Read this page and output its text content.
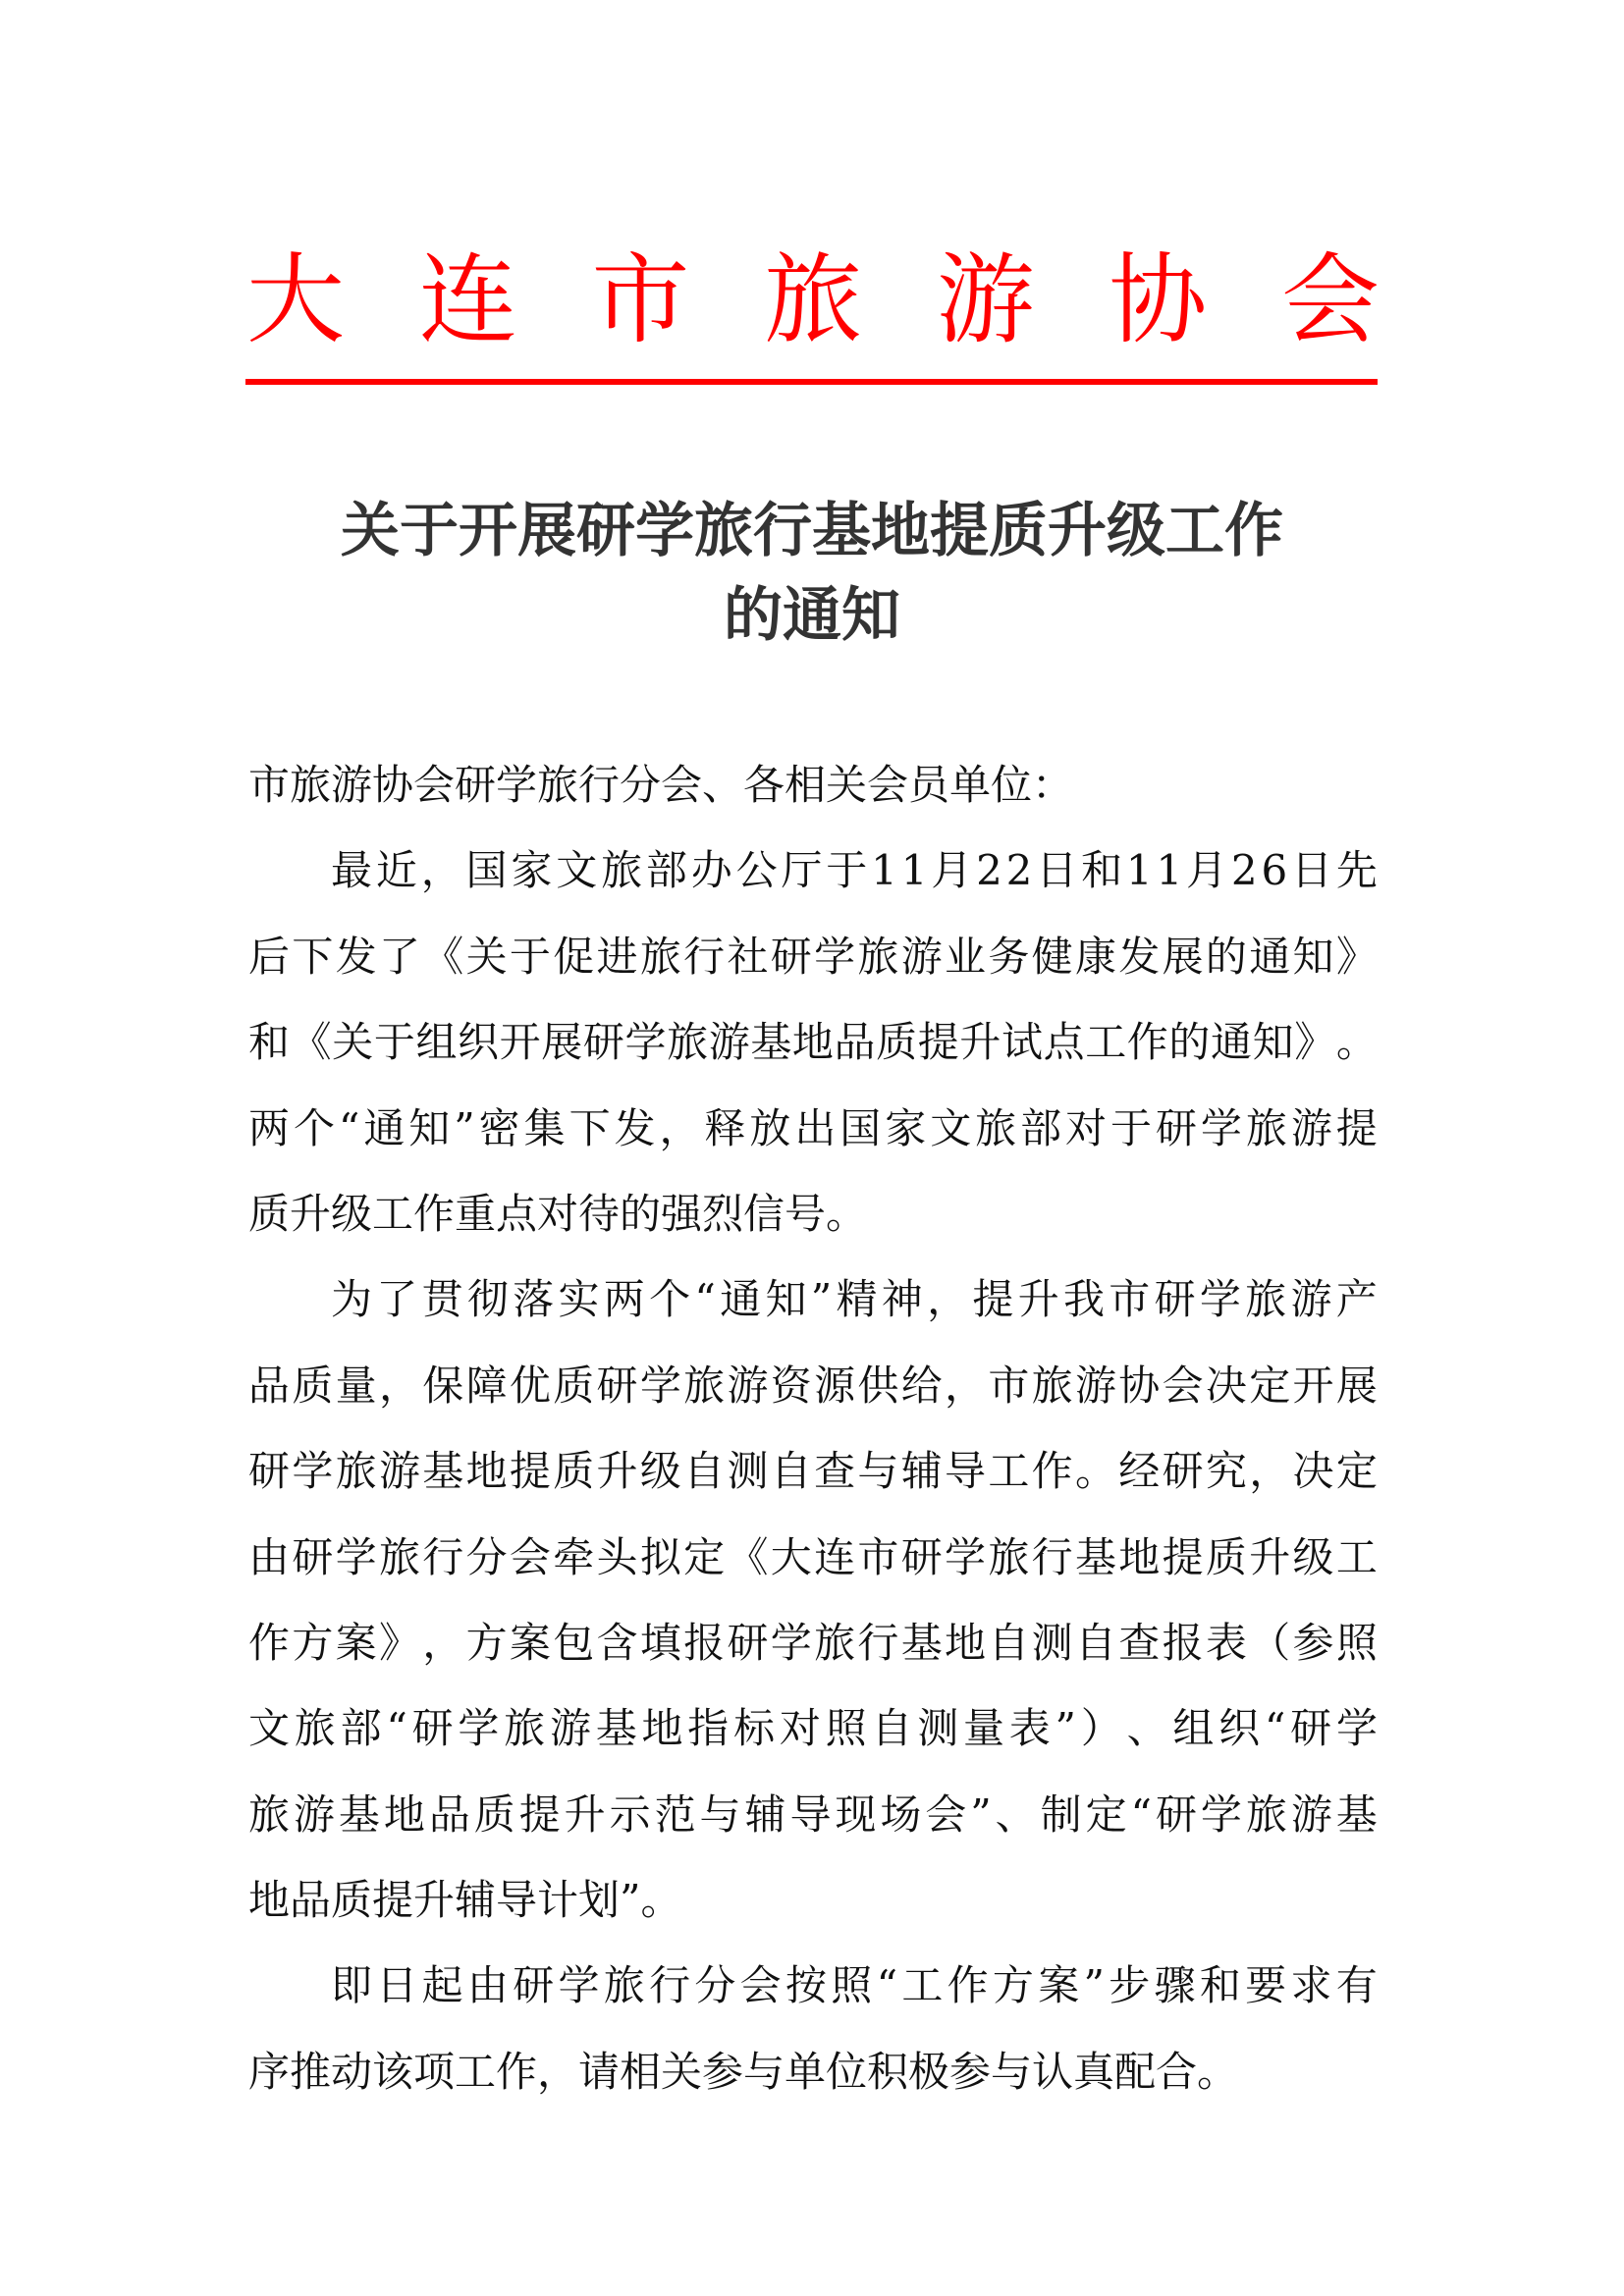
大 连 市 旅 游 协 会
关于开展研学旅行基地提质升级工作
的通知
市旅游协会研学旅行分会、各相关会员单位：
最 近 ， 国 家 文 旅 部 办 公 厅 于 1 1 月 2 2 日 和 1 1 月 2 6 日 先
后 下 发 了 《 关 于 促 进 旅 行 社 研 学 旅 游 业 务 健 康 发 展 的 通 知 》
和 《 关 于 组 织 开 展 研 学 旅 游 基 地 品 质 提 升 试 点 工 作 的 通 知 》 。
两 个 “ 通 知 ” 密 集 下 发 ， 释 放 出 国 家 文 旅 部 对 于 研 学 旅 游 提
质升级工作重点对待的强烈信号。
为 了 贯 彻 落 实 两 个 “ 通 知 ” 精 神 ， 提 升 我 市 研 学 旅 游 产
品 质 量 ， 保 障 优 质 研 学 旅 游 资 源 供 给 ， 市 旅 游 协 会 决 定 开 展
研 学 旅 游 基 地 提 质 升 级 自 测 自 查 与 辅 导 工 作 。 经 研 究 ， 决 定
由 研 学 旅 行 分 会 牵 头 拟 定 《 大 连 市 研 学 旅 行 基 地 提 质 升 级 工
作 方 案 》 ， 方 案 包 含 填 报 研 学 旅 行 基 地 自 测 自 查 报 表 （ 参 照
文 旅 部 “ 研 学 旅 游 基 地 指 标 对 照 自 测 量 表 ” ） 、 组 织 “ 研 学
旅 游 基 地 品 质 提 升 示 范 与 辅 导 现 场 会 ” 、 制 定 “ 研 学 旅 游 基
地品质提升辅导计划”。
即 日 起 由 研 学 旅 行 分 会 按 照 “ 工 作 方 案 ” 步 骤 和 要 求 有
序推动该项工作，请相关参与单位积极参与认真配合。
